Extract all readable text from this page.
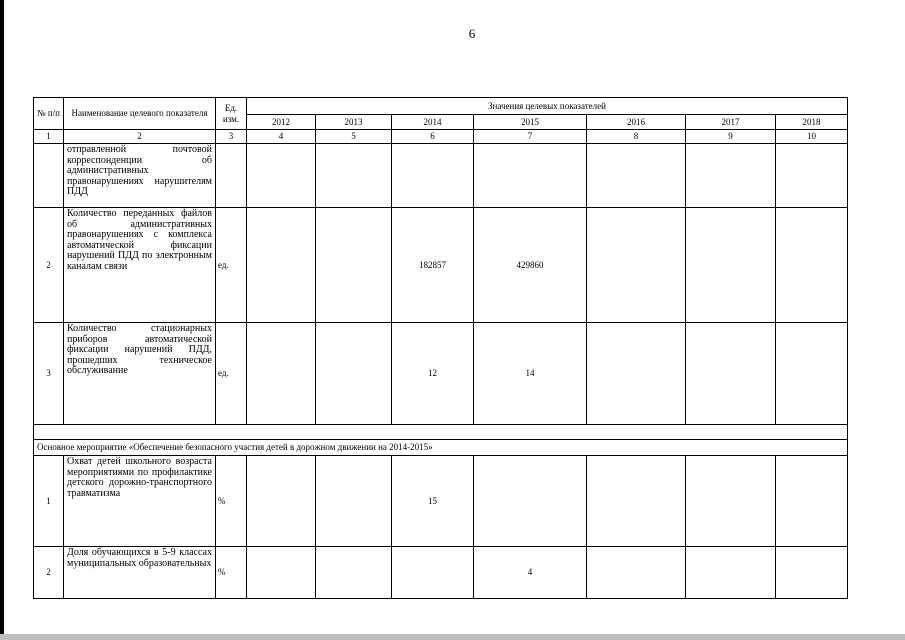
6
№ п/п	Наименование целевого показателя	Ед. изм.	Значения целевых показателей						
			2012	2013	2014	2015	2016	2017	2018
1	2	3	4	5	6	7	8	9	10
	отправленной почтовой корреспонденции об административных правонарушениях нарушителям ПДД								
2	Количество переданных файлов об административных правонарушениях с комплекса автоматической фиксации нарушений ПДД по электронным каналам связи	ед.			182857	429860			
3	Количество стационарных приборов автоматической фиксации нарушений ПДД, прошедших техническое обслуживание	ед.			12	14			

Основное мероприятие «Обеспечение безопасного участия детей в дорожном движении на 2014-2015»									
1	Охват детей школьного возраста мероприятиями по профилактике детского дорожно-транспортного травматизма	%			15				
2	Доля обучающихся в 5-9 классах муниципальных образовательных	%				4			
